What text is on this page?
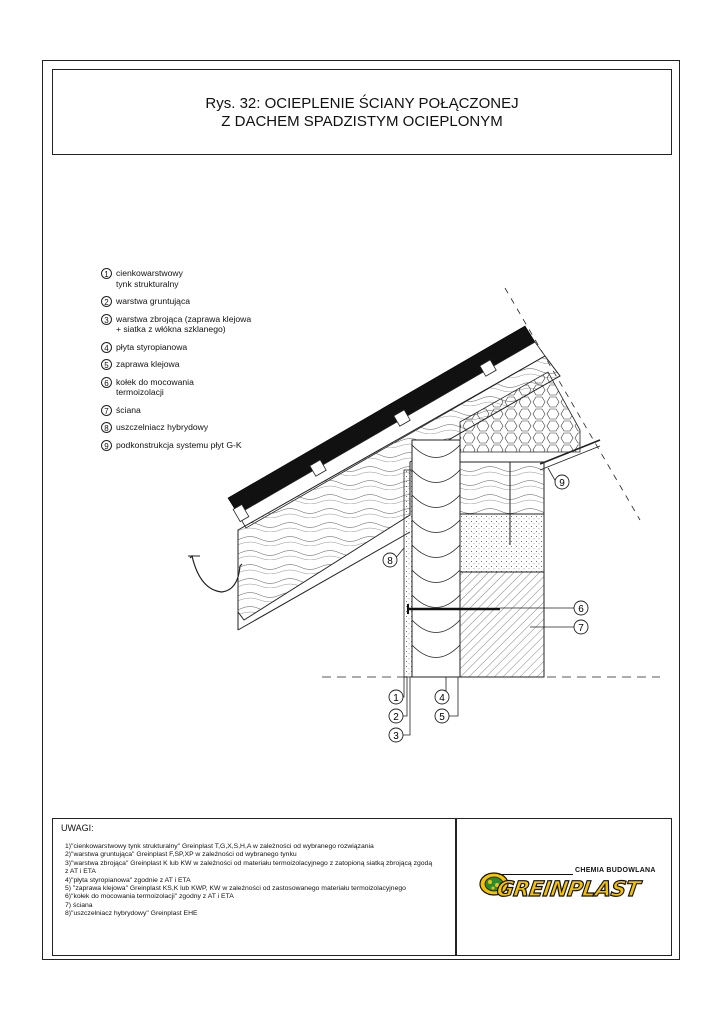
Rys. 32: OCIEPLENIE ŚCIANY POŁĄCZONEJ
Z DACHEM SPADZISTYM OCIEPLONYM
1 cienkowarstwowy
tynk strukturalny
2 warstwa gruntująca
3 warstwa zbrojąca (zaprawa klejowa
+ siatka z włókna szklanego)
4 płyta styropianowa
5 zaprawa klejowa
6 kołek do mocowania
termoizolacji
7 ściana
8 uszczelniacz hybrydowy
9 podkonstrukcja systemu płyt G-K
1
2
3
4
5
6
7
8
9
UWAGI:
1)"cienkowarstwowy tynk strukturalny" Greinplast T,G,X,S,H,A w zależności od wybranego rozwiązania
2)"warstwa gruntująca" Greinplast F,SP,XP w zależności od wybranego tynku
3)"warstwa zbrojąca" Greinplast K lub KW w zależności od materiału termoizolacyjnego z zatopioną siatką zbrojącą zgodą
z AT i ETA
4)"płyta styropianowa" zgodnie z AT i ETA
5) "zaprawa klejowa" Greinplast KS,K lub KWP, KW w zależności od zastosowanego materiału termoizolacyjnego
6)"kołek do mocowania termoizolacji" zgodny z AT i ETA
7) ściana
8)"uszczelniacz hybrydowy" Greinplast EHE
CHEMIA BUDOWLANA
GREINPLAST
